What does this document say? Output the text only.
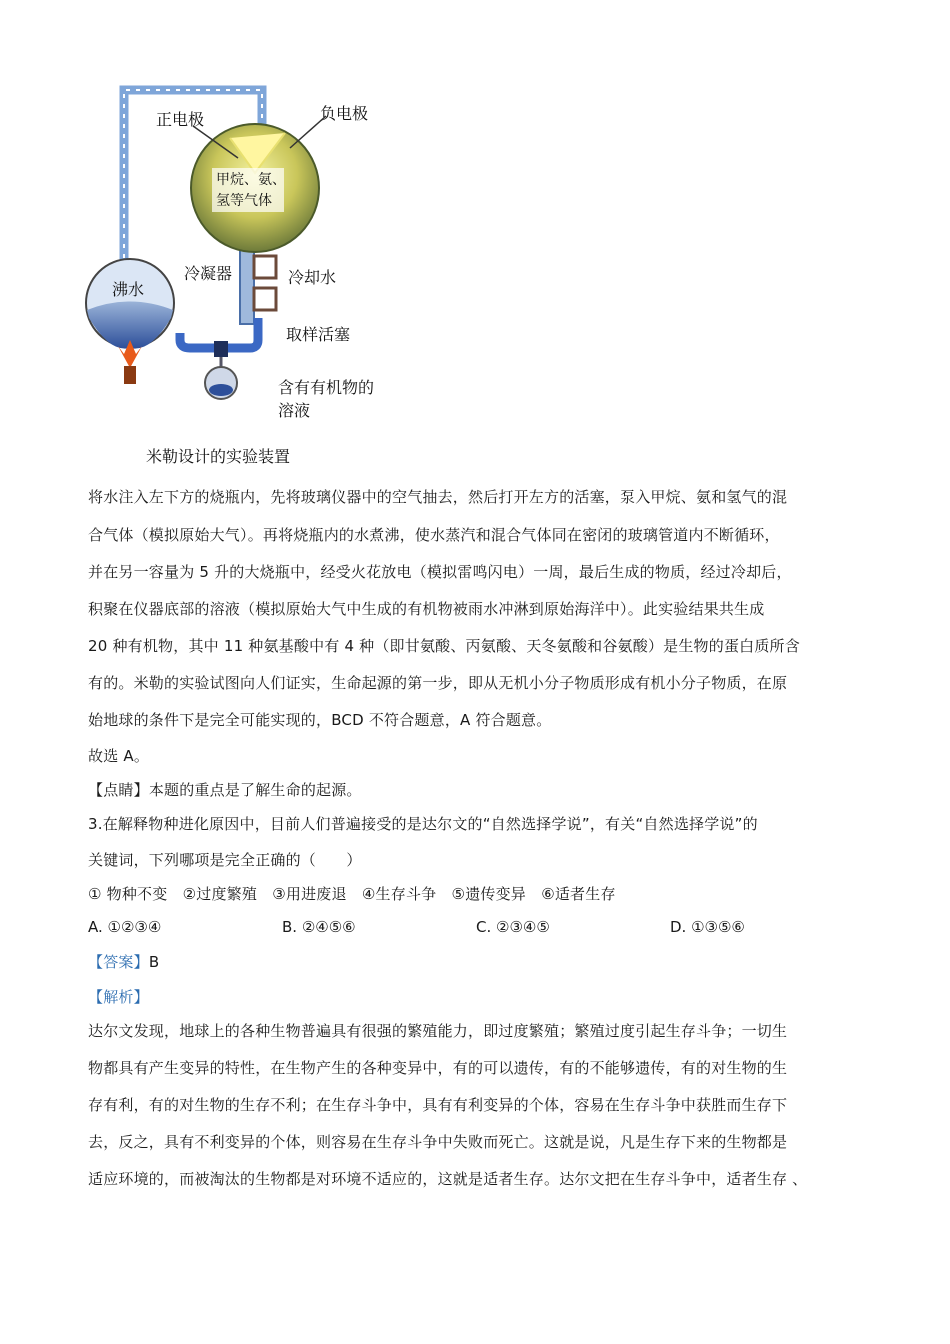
正电极	负电极
甲烷、氨、
氢等气体
冷凝器	冷却水
沸水
取样活塞
含有有机物的
溶液
米勒设计的实验装置
将水注入左下方的烧瓶内，先将玻璃仪器中的空气抽去，然后打开左方的活塞，泵入甲烷、氨和氢气的混
合气体（模拟原始大气）。再将烧瓶内的水煮沸，使水蒸汽和混合气体同在密闭的玻璃管道内不断循环，
并在另一容量为 5 升的大烧瓶中，经受火花放电（模拟雷鸣闪电）一周，最后生成的物质，经过冷却后，
积聚在仪器底部的溶液（模拟原始大气中生成的有机物被雨水冲淋到原始海洋中）。此实验结果共生成
20 种有机物，其中 11 种氨基酸中有 4 种（即甘氨酸、丙氨酸、天冬氨酸和谷氨酸）是生物的蛋白质所含
有的。米勒的实验试图向人们证实，生命起源的第一步，即从无机小分子物质形成有机小分子物质，在原
始地球的条件下是完全可能实现的，BCD 不符合题意，A 符合题意。
故选 A。
【点睛】本题的重点是了解生命的起源。
3.在解释物种进化原因中，目前人们普遍接受的是达尔文的“自然选择学说”，有关“自然选择学说”的
关键词，下列哪项是完全正确的（　　）
① 物种不变　②过度繁殖　③用进废退　④生存斗争　⑤遗传变异　⑥适者生存
A. ①②③④	B. ②④⑤⑥	C. ②③④⑤	D. ①③⑤⑥
【答案】B
【解析】
达尔文发现，地球上的各种生物普遍具有很强的繁殖能力，即过度繁殖；繁殖过度引起生存斗争；一切生
物都具有产生变异的特性，在生物产生的各种变异中，有的可以遗传，有的不能够遗传，有的对生物的生
存有利，有的对生物的生存不利；在生存斗争中，具有有利变异的个体，容易在生存斗争中获胜而生存下
去，反之，具有不利变异的个体，则容易在生存斗争中失败而死亡。这就是说，凡是生存下来的生物都是
适应环境的，而被淘汰的生物都是对环境不适应的，这就是适者生存。达尔文把在生存斗争中，适者生存 、
